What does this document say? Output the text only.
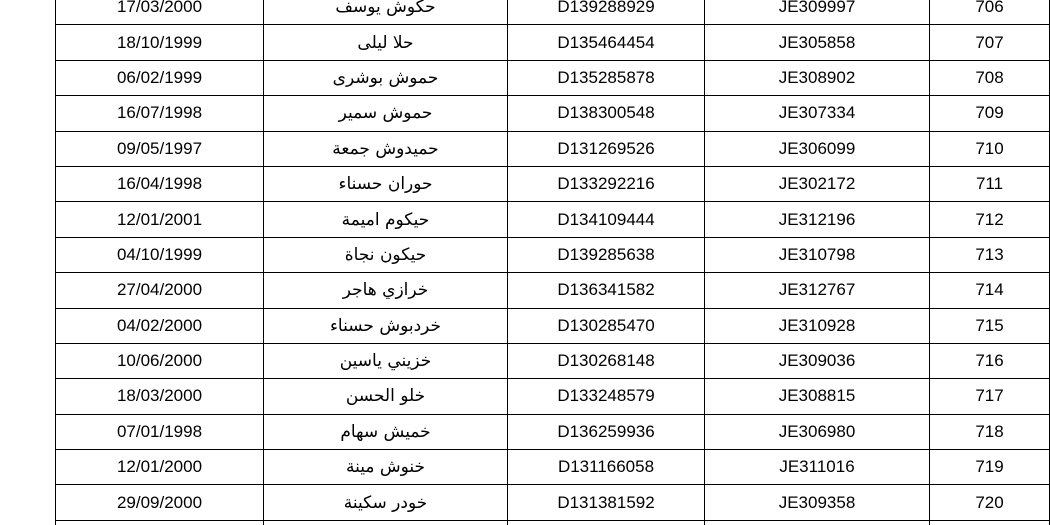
17/03/2000	حكوش يوسف	D139288929	JE309997	706
18/10/1999	حلا ليلى	D135464454	JE305858	707
06/02/1999	حموش بوشرى	D135285878	JE308902	708
16/07/1998	حموش سمير	D138300548	JE307334	709
09/05/1997	حميدوش جمعة	D131269526	JE306099	710
16/04/1998	حوران حسناء	D133292216	JE302172	711
12/01/2001	حيكوم اميمة	D134109444	JE312196	712
04/10/1999	حيكون نجاة	D139285638	JE310798	713
27/04/2000	خرازي هاجر	D136341582	JE312767	714
04/02/2000	خردبوش حسناء	D130285470	JE310928	715
10/06/2000	خزيني ياسين	D130268148	JE309036	716
18/03/2000	خلو الحسن	D133248579	JE308815	717
07/01/1998	خميش سهام	D136259936	JE306980	718
12/01/2000	خنوش مينة	D131166058	JE311016	719
29/09/2000	خودر سكينة	D131381592	JE309358	720
